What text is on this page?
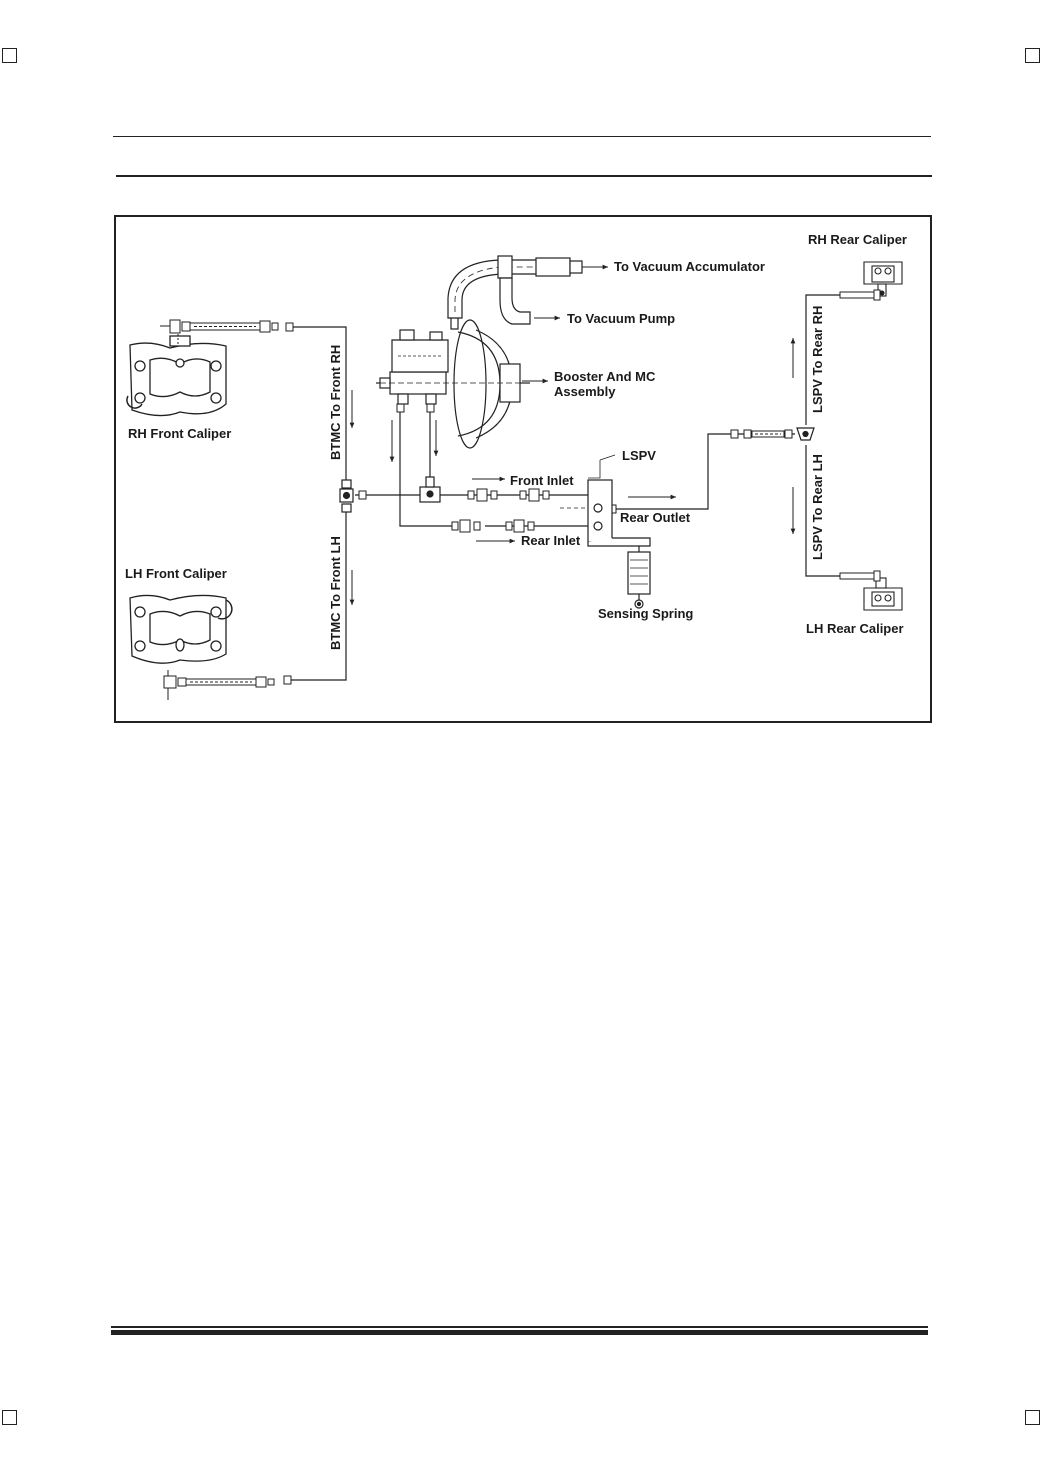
To Vacuum Accumulator
To Vacuum Pump
Booster And MC
Assembly
RH Front Caliper
LH Front Caliper
BTMC To Front RH
BTMC To Front LH
LSPV
Front Inlet
Rear Inlet
Rear Outlet
Sensing Spring
RH Rear Caliper
LH Rear Caliper
LSPV To Rear RH
LSPV To Rear LH
